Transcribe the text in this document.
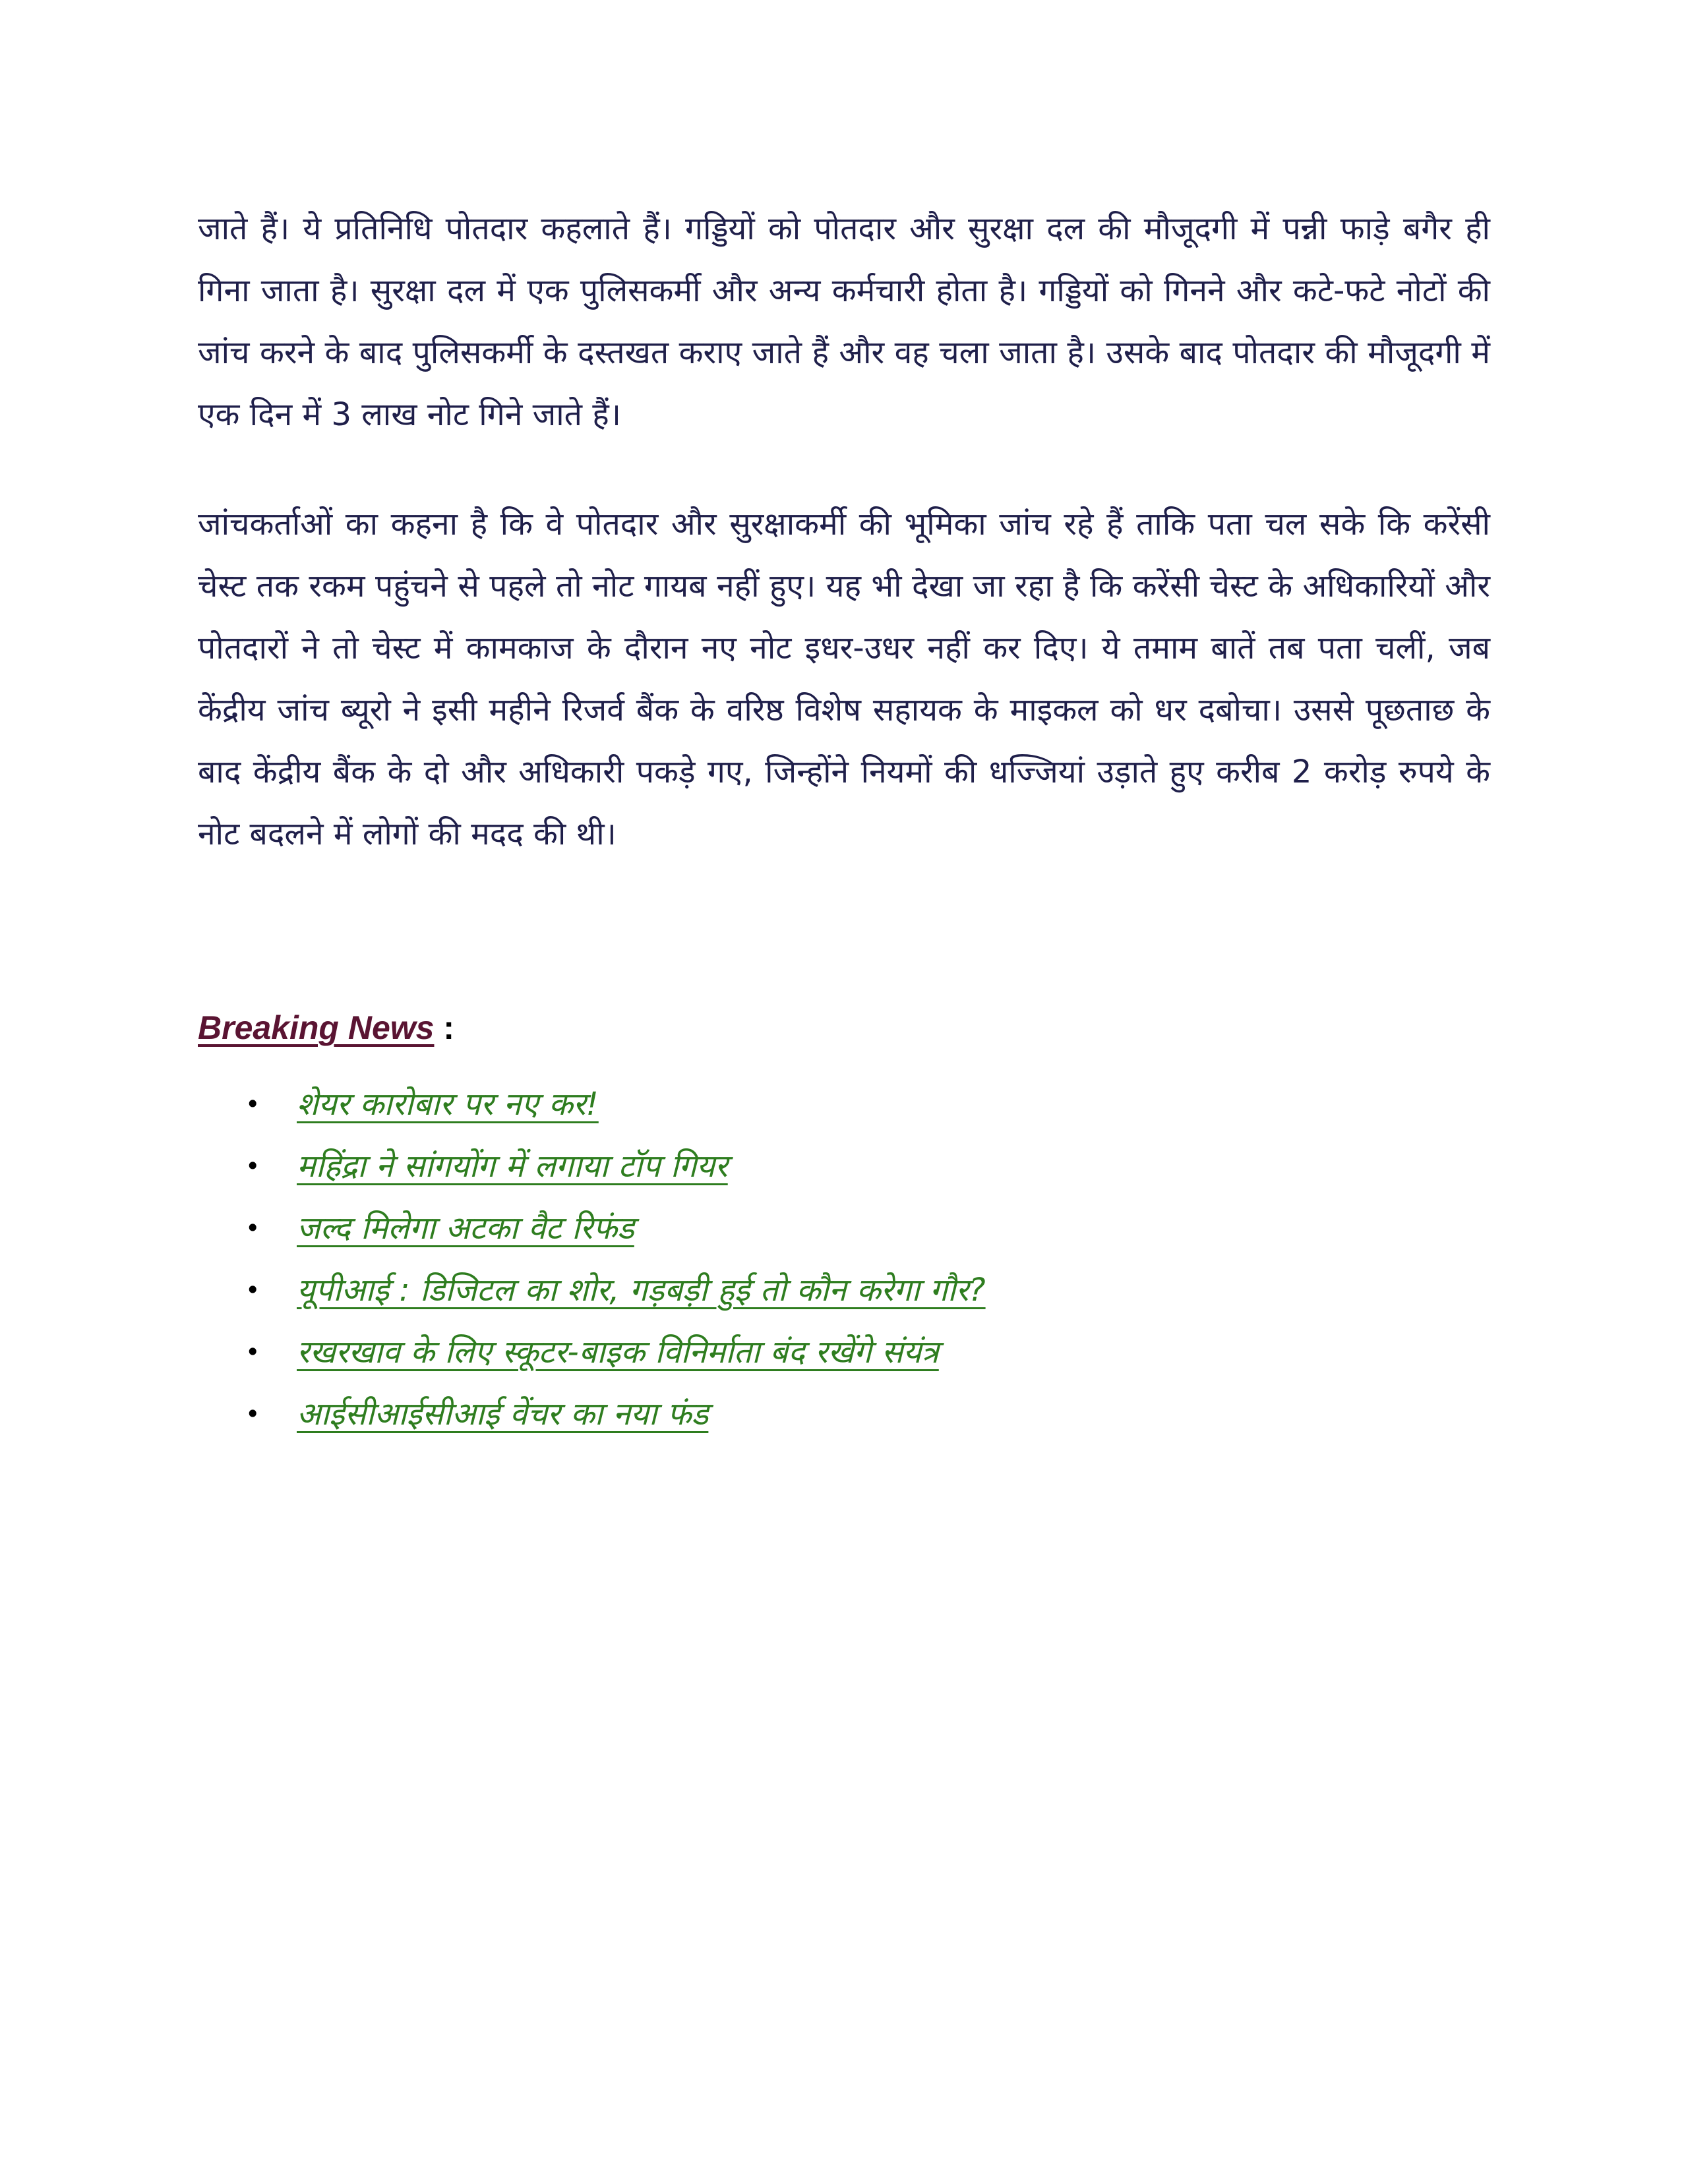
जाते हैं। ये प्रतिनिधि पोतदार कहलाते हैं। गड्डियों को पोतदार और सुरक्षा दल की मौजूदगी में पन्नी फाड़े बगैर ही गिना जाता है। सुरक्षा दल में एक पुलिसकर्मी और अन्य कर्मचारी होता है। गड्डियों को गिनने और कटे-फटे नोटों की जांच करने के बाद पुलिसकर्मी के दस्तखत कराए जाते हैं और वह चला जाता है। उसके बाद पोतदार की मौजूदगी में एक दिन में 3 लाख नोट गिने जाते हैं।

जांचकर्ताओं का कहना है कि वे पोतदार और सुरक्षाकर्मी की भूमिका जांच रहे हैं ताकि पता चल सके कि करेंसी चेस्ट तक रकम पहुंचने से पहले तो नोट गायब नहीं हुए। यह भी देखा जा रहा है कि करेंसी चेस्ट के अधिकारियों और पोतदारों ने तो चेस्ट में कामकाज के दौरान नए नोट इधर-उधर नहीं कर दिए। ये तमाम बातें तब पता चलीं, जब केंद्रीय जांच ब्यूरो ने इसी महीने रिजर्व बैंक के वरिष्ठ विशेष सहायक के माइकल को धर दबोचा। उससे पूछताछ के बाद केंद्रीय बैंक के दो और अधिकारी पकड़े गए, जिन्होंने नियमों की धज्जियां उड़ाते हुए करीब 2 करोड़ रुपये के नोट बदलने में लोगों की मदद की थी।

Breaking News :
• शेयर कारोबार पर नए कर!
• महिंद्रा ने सांगयोंग में लगाया टॉप गियर
• जल्द मिलेगा अटका वैट रिफंड
• यूपीआई : डिजिटल का शोर, गड़बड़ी हुई तो कौन करेगा गौर?
• रखरखाव के लिए स्कूटर-बाइक विनिर्माता बंद रखेंगे संयंत्र
• आईसीआईसीआई वेंचर का नया फंड
